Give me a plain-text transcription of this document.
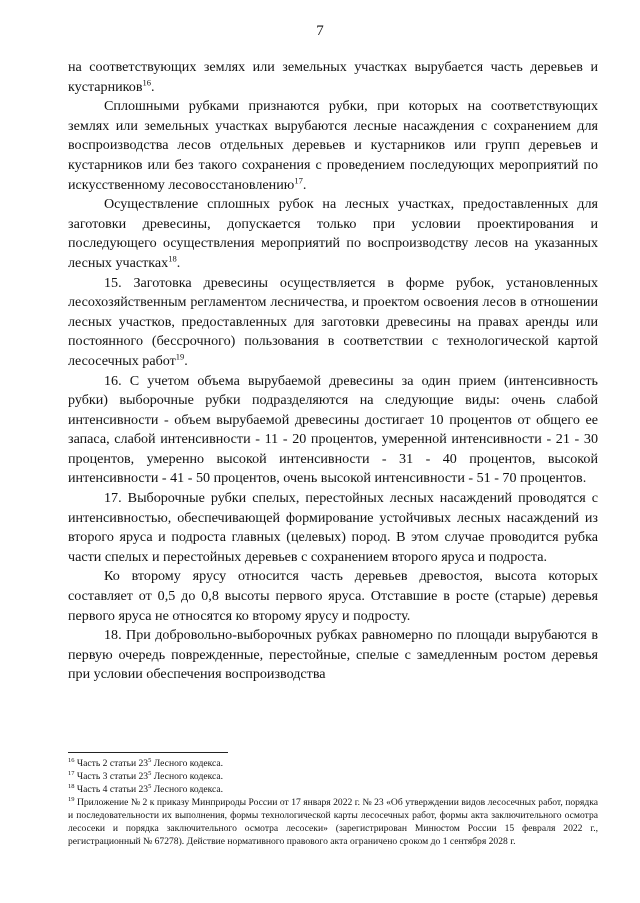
7

на соответствующих землях или земельных участках вырубается часть деревьев и кустарников$^{16}$.

Сплошными рубками признаются рубки, при которых на соответствующих землях или земельных участках вырубаются лесные насаждения с сохранением для воспроизводства лесов отдельных деревьев и кустарников или групп деревьев и кустарников или без такого сохранения с проведением последующих мероприятий по искусственному лесовосстановлению$^{17}$.

Осуществление сплошных рубок на лесных участках, предоставленных для заготовки древесины, допускается только при условии проектирования и последующего осуществления мероприятий по воспроизводству лесов на указанных лесных участках$^{18}$.

15. Заготовка древесины осуществляется в форме рубок, установленных лесохозяйственным регламентом лесничества, и проектом освоения лесов в отношении лесных участков, предоставленных для заготовки древесины на правах аренды или постоянного (бессрочного) пользования в соответствии с технологической картой лесосечных работ$^{19}$.

16. С учетом объема вырубаемой древесины за один прием (интенсивность рубки) выборочные рубки подразделяются на следующие виды: очень слабой интенсивности - объем вырубаемой древесины достигает 10 процентов от общего ее запаса, слабой интенсивности - 11 - 20 процентов, умеренной интенсивности - 21 - 30 процентов, умеренно высокой интенсивности - 31 - 40 процентов, высокой интенсивности - 41 - 50 процентов, очень высокой интенсивности - 51 - 70 процентов.

17. Выборочные рубки спелых, перестойных лесных насаждений проводятся с интенсивностью, обеспечивающей формирование устойчивых лесных насаждений из второго яруса и подроста главных (целевых) пород. В этом случае проводится рубка части спелых и перестойных деревьев с сохранением второго яруса и подроста.

Ко второму ярусу относится часть деревьев древостоя, высота которых составляет от 0,5 до 0,8 высоты первого яруса. Отставшие в росте (старые) деревья первого яруса не относятся ко второму ярусу и подросту.

18. При добровольно-выборочных рубках равномерно по площади вырубаются в первую очередь поврежденные, перестойные, спелые с замедленным ростом деревья при условии обеспечения воспроизводства

$^{16}$ Часть 2 статьи $23^5$ Лесного кодекса.

$^{17}$ Часть 3 статьи $23^5$ Лесного кодекса.

$^{18}$ Часть 4 статьи $23^5$ Лесного кодекса.

$^{19}$ Приложение № 2 к приказу Минприроды России от 17 января 2022 г. № 23 «Об утверждении видов лесосечных работ, порядка и последовательности их выполнения, формы технологической карты лесосечных работ, формы акта заключительного осмотра лесосеки и порядка заключительного осмотра лесосеки» (зарегистрирован Минюстом России 15 февраля 2022 г., регистрационный № 67278). Действие нормативного правового акта ограничено сроком до 1 сентября 2028 г.
